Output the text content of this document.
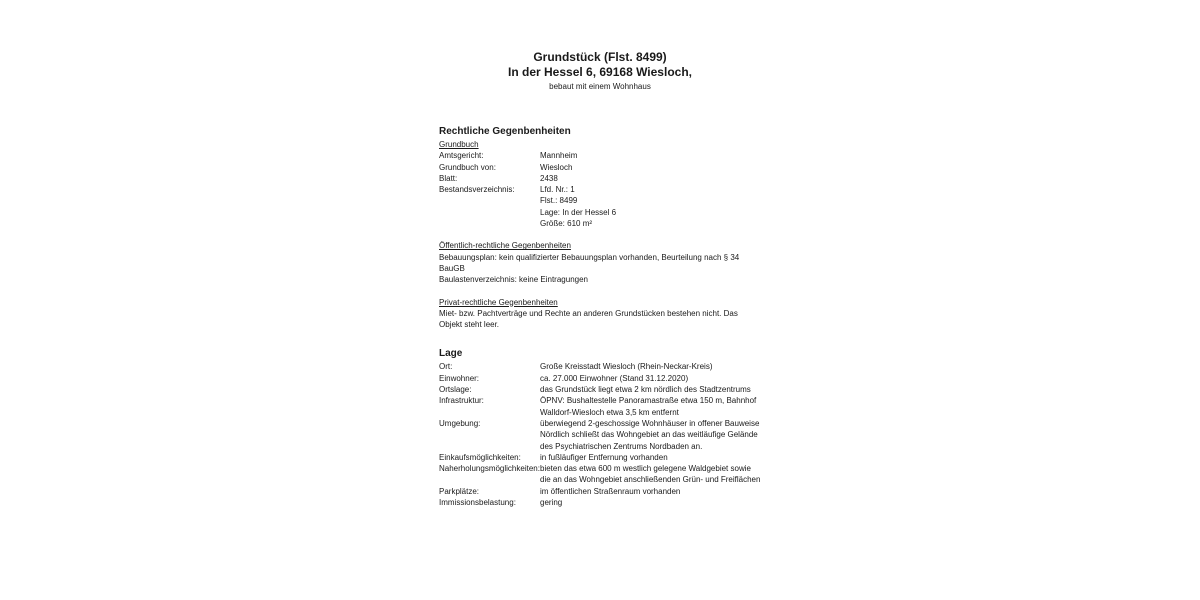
Grundstück (Flst. 8499)
In der Hessel 6, 69168 Wiesloch,
bebaut mit einem Wohnhaus
Rechtliche Gegenbenheiten
Grundbuch
Amtsgericht:	Mannheim
Grundbuch von:	Wiesloch
Blatt:	2438
Bestandsverzeichnis:	Lfd. Nr.: 1
Flst.: 8499
Lage: In der Hessel 6
Größe: 610 m²
Öffentlich-rechtliche Gegenbenheiten
Bebauungsplan: kein qualifizierter Bebauungsplan vorhanden, Beurteilung nach § 34 BauGB
Baulastenverzeichnis: keine Eintragungen
Privat-rechtliche Gegenbenheiten
Miet- bzw. Pachtverträge und Rechte an anderen Grundstücken bestehen nicht. Das Objekt steht leer.
Lage
Ort:	Große Kreisstadt Wiesloch (Rhein-Neckar-Kreis)
Einwohner:	ca. 27.000 Einwohner (Stand 31.12.2020)
Ortslage:	das Grundstück liegt etwa 2 km nördlich des Stadtzentrums
Infrastruktur:	ÖPNV: Bushaltestelle Panoramastraße etwa 150 m, Bahnhof Walldorf-Wiesloch etwa 3,5 km entfernt
Umgebung:	überwiegend 2-geschossige Wohnhäuser in offener Bauweise Nördlich schließt das Wohngebiet an das weitläufige Gelände des Psychiatrischen Zentrums Nordbaden an.
Einkaufsmöglichkeiten:	in fußläufiger Entfernung vorhanden
Naherholungsmöglichkeiten: bieten das etwa 600 m westlich gelegene Waldgebiet sowie die an das Wohngebiet anschließenden Grün- und Freiflächen
Parkplätze:	im öffentlichen Straßenraum vorhanden
Immissionsbelastung:	gering
